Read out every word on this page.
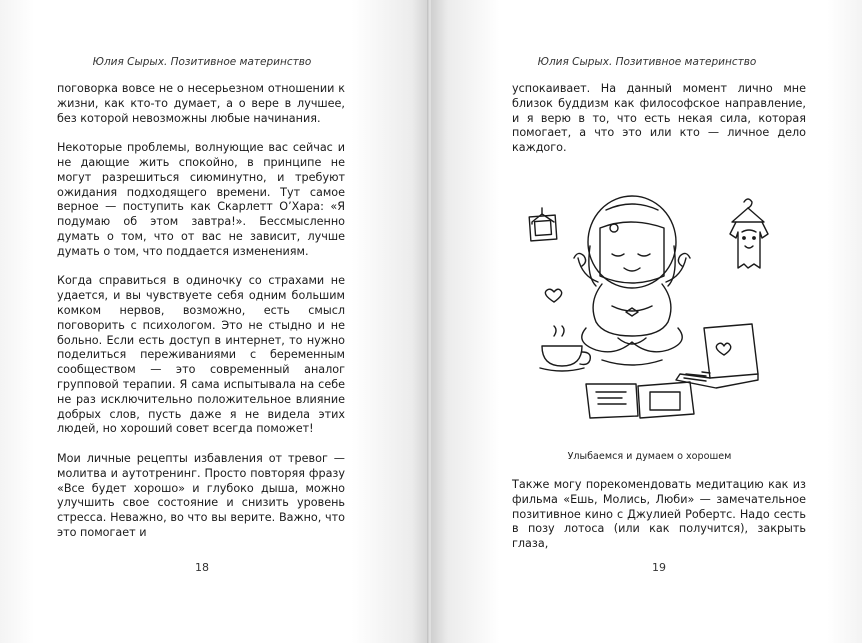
Юлия Сырых. Позитивное материнство

поговорка вовсе не о несерьезном отношении к жизни, как кто-то думает, а о вере в лучшее, без которой невозможны любые начинания.

Некоторые проблемы, волнующие вас сейчас и не дающие жить спокойно, в принципе не могут разрешиться сиюминутно, и требуют ожидания подходящего времени. Тут самое верное — поступить как Скарлетт О’Хара: «Я подумаю об этом завтра!». Бессмысленно думать о том, что от вас не зависит, лучше думать о том, что поддается изменениям.

Когда справиться в одиночку со страхами не удается, и вы чувствуете себя одним большим комком нервов, возможно, есть смысл поговорить с психологом. Это не стыдно и не больно. Если есть доступ в интернет, то нужно поделиться переживаниями с беременным сообществом — это современный аналог групповой терапии. Я сама испытывала на себе не раз исключительно положительное влияние добрых слов, пусть даже я не видела этих людей, но хороший совет всегда поможет!

Мои личные рецепты избавления от тревог — молитва и аутотренинг. Просто повторяя фразу «Все будет хорошо» и глубоко дыша, можно улучшить свое состояние и снизить уровень стресса. Неважно, во что вы верите. Важно, что это помогает и

18
Юлия Сырых. Позитивное материнство

успокаивает. На данный момент лично мне близок буддизм как философское направление, и я верю в то, что есть некая сила, которая помогает, а что это или кто — личное дело каждого.

Улыбаемся и думаем о хорошем

Также могу порекомендовать медитацию как из фильма «Ешь, Молись, Люби» — замечательное позитивное кино с Джулией Робертс. Надо сесть в позу лотоса (или как получится), закрыть глаза,

19
